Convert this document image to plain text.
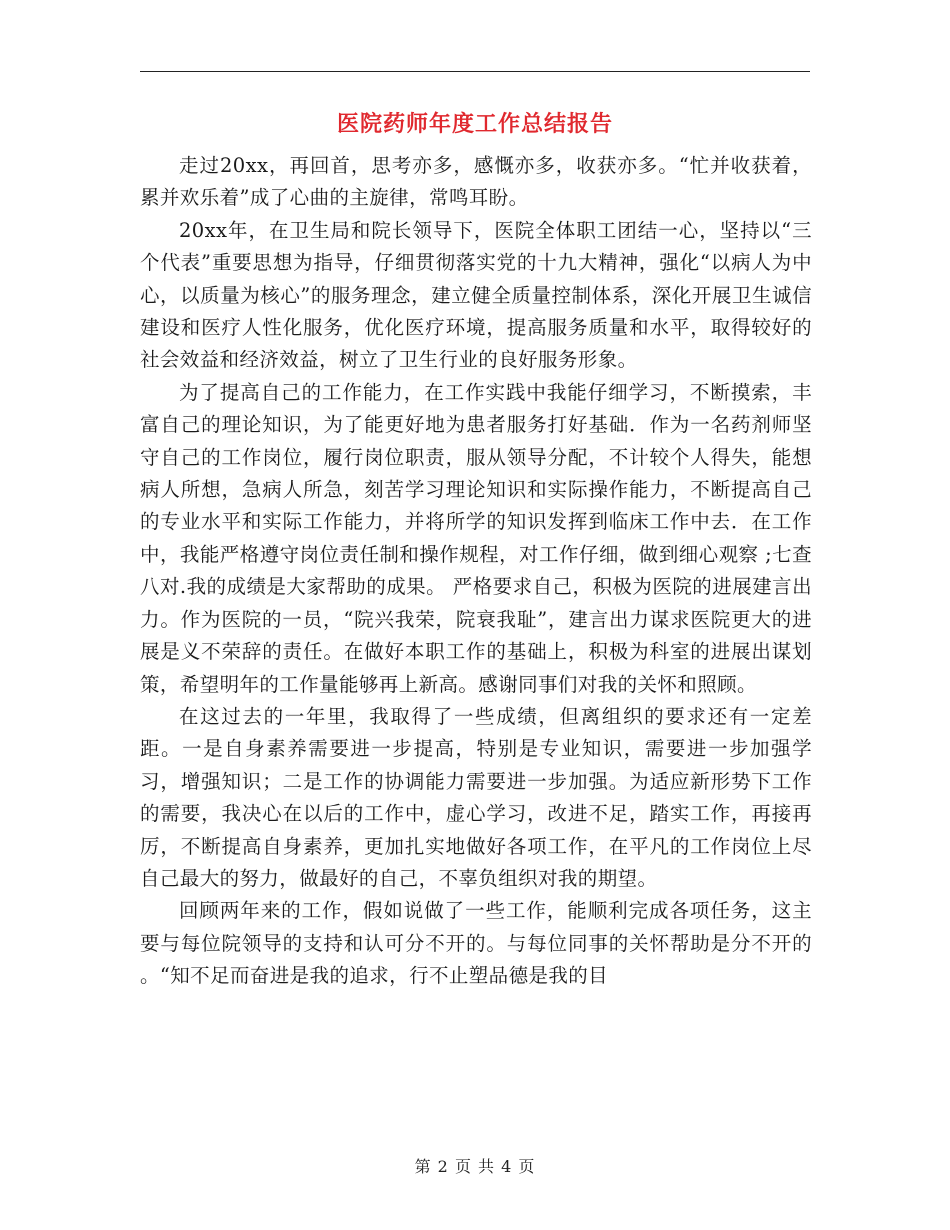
医院药师年度工作总结报告

走过20xx，再回首，思考亦多，感慨亦多，收获亦多。“忙并收获着，累并欢乐着”成了心曲的主旋律，常鸣耳盼。

20xx年，在卫生局和院长领导下，医院全体职工团结一心，坚持以“三个代表”重要思想为指导，仔细贯彻落实党的十九大精神，强化“以病人为中心，以质量为核心”的服务理念，建立健全质量控制体系，深化开展卫生诚信建设和医疗人性化服务，优化医疗环境，提高服务质量和水平，取得较好的社会效益和经济效益，树立了卫生行业的良好服务形象。

为了提高自己的工作能力，在工作实践中我能仔细学习，不断摸索，丰富自己的理论知识，为了能更好地为患者服务打好基础．作为一名药剂师坚守自己的工作岗位，履行岗位职责，服从领导分配，不计较个人得失，能想病人所想，急病人所急，刻苦学习理论知识和实际操作能力，不断提高自己的专业水平和实际工作能力，并将所学的知识发挥到临床工作中去．在工作中，我能严格遵守岗位责任制和操作规程，对工作仔细，做到细心观察 ;七查八对.我的成绩是大家帮助的成果。 严格要求自己，积极为医院的进展建言出力。作为医院的一员，“院兴我荣，院衰我耻”，建言出力谋求医院更大的进展是义不荣辞的责任。在做好本职工作的基础上，积极为科室的进展出谋划策，希望明年的工作量能够再上新高。感谢同事们对我的关怀和照顾。

在这过去的一年里，我取得了一些成绩，但离组织的要求还有一定差距。一是自身素养需要进一步提高，特别是专业知识，需要进一步加强学习，增强知识；二是工作的协调能力需要进一步加强。为适应新形势下工作的需要，我决心在以后的工作中，虚心学习，改进不足，踏实工作，再接再厉，不断提高自身素养，更加扎实地做好各项工作，在平凡的工作岗位上尽自己最大的努力，做最好的自己，不辜负组织对我的期望。

回顾两年来的工作，假如说做了一些工作，能顺利完成各项任务，这主要与每位院领导的支持和认可分不开的。与每位同事的关怀帮助是分不开的 。“知不足而奋进是我的追求，行不止塑品德是我的目

第 2 页 共 4 页
